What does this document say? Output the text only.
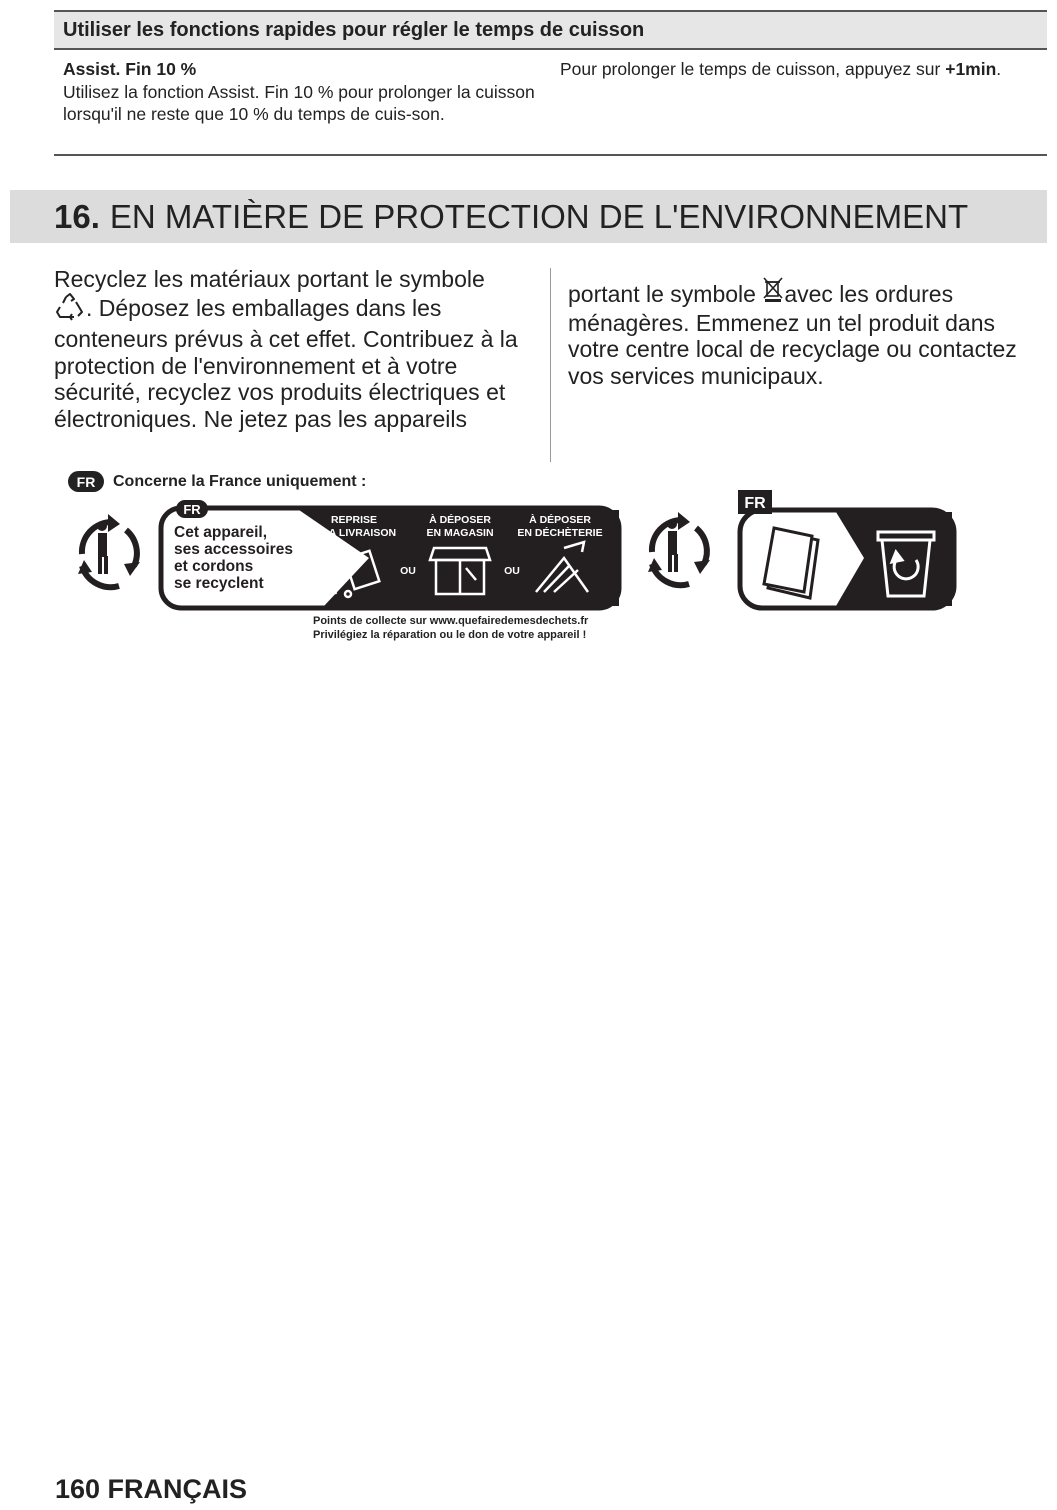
Utiliser les fonctions rapides pour régler le temps de cuisson
Assist. Fin 10 %
Utilisez la fonction Assist. Fin 10 % pour prolonger la cuisson lorsqu'il ne reste que 10 % du temps de cuis-son.
Pour prolonger le temps de cuisson, appuyez sur +1min.
16. EN MATIÈRE DE PROTECTION DE L'ENVIRONNEMENT
Recyclez les matériaux portant le symbole
. Déposez les emballages dans les conteneurs prévus à cet effet. Contribuez à la protection de l'environnement et à votre sécurité, recyclez vos produits électriques et électroniques. Ne jetez pas les appareils
portant le symbole avec les ordures ménagères. Emmenez un tel produit dans votre centre local de recyclage ou contactez vos services municipaux.
FR	Concerne la France uniquement :
FR
Cet appareil,
ses accessoires
et cordons
se recyclent
REPRISE
À LA LIVRAISON
À DÉPOSER
EN MAGASIN
À DÉPOSER
EN DÉCHÈTERIE
OU	OU
Points de collecte sur www.quefairedemesdechets.fr
Privilégiez la réparation ou le don de votre appareil !
FR
160 FRANÇAIS
